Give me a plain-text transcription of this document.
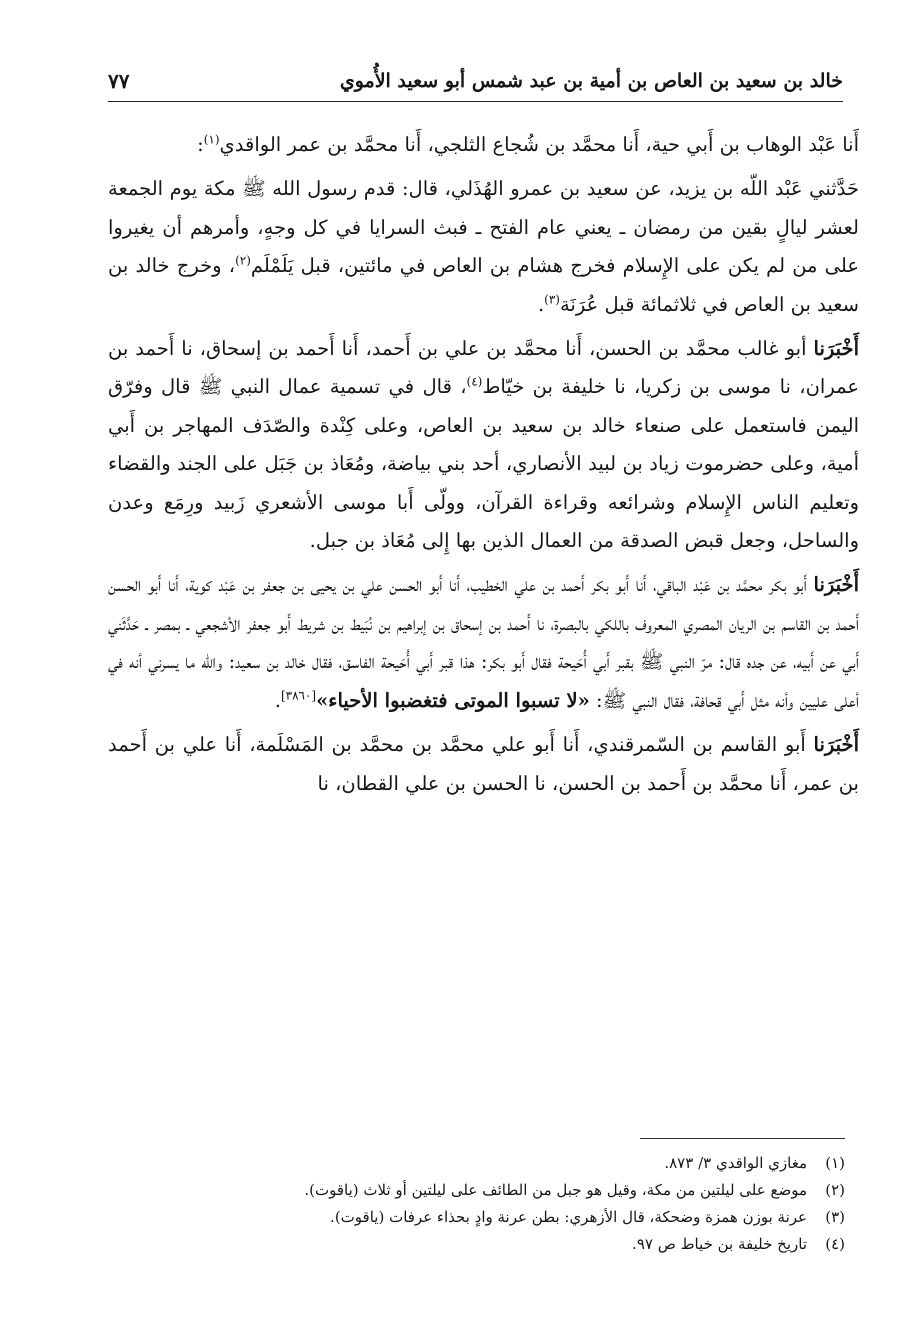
خالد بن سعيد بن العاص بن أمية بن عبد شمس أبو سعيد الأُموي
٧٧

أَنا عَبْد الوهاب بن أَبي حية، أَنا محمَّد بن شُجاع الثلجي، أَنا محمَّد بن عمر الواقدي$^{(١)}$:

حَدَّثني عَبْد اللّه بن يزيد، عن سعيد بن عمرو الهُذَلي، قال: قدم رسول الله ﷺ مكة يوم الجمعة لعشر ليالٍ بقين من رمضان ـ يعني عام الفتح ـ فبث السرايا في كل وجهٍ، وأمرهم أن يغيروا على من لم يكن على الإِسلام فخرج هشام بن العاص في مائتين، قبل يَلَمْلَم$^{(٢)}$، وخرج خالد بن سعيد بن العاص في ثلاثمائة قبل عُرَنَة$^{(٣)}$.

أَخْبَرَنا أبو غالب محمَّد بن الحسن، أَنا محمَّد بن علي بن أَحمد، أَنا أَحمد بن إسحاق، نا أَحمد بن عمران، نا موسى بن زكريا، نا خليفة بن خيّاط$^{(٤)}$، قال في تسمية عمال النبي ﷺ قال وفرّق اليمن فاستعمل على صنعاء خالد بن سعيد بن العاص، وعلى كِنْدة والصّدَف المهاجر بن أَبي أمية، وعلى حضرموت زياد بن لبيد الأنصاري، أحد بني بياضة، ومُعَاذ بن جَبَل على الجند والقضاء وتعليم الناس الإِسلام وشرائعه وقراءة القرآن، وولّى أَبا موسى الأشعري زَبيد ورِمَع وعدن والساحل، وجعل قبض الصدقة من العمال الذين بها إِلى مُعَاذ بن جبل.

أَخْبَرَنا أَبو بكر محمَّد بن عَبْد الباقي، أَنا أَبو بكر أَحمد بن علي الخطيب، أَنا أَبو الحسن علي بن يحيى بن جعفر بن عَبْد كوية، أَنا أَبو الحسن أَحمد بن القاسم بن الريان المصري المعروف باللكي بالبصرة، نا أَحمد بن إسحاق بن إبراهيم بن نُبَيط بن شريط أَبو جعفر الأشجعي ـ بمصر ـ حَدَّثَني أَبي عن أَبيه، عن جده قال: مرّ النبي ﷺ بقبر أَبي أُحَيحة فقال أَبو بكر: هذا قبر أَبي أُحَيحة الفاسق، فقال خالد بن سعيد: والله ما يسرني أنه في أعلى عليين وأنه مثل أَبي قحافة، فقال النبي ﷺ: «لا تسبوا الموتى فتغضبوا الأحياء»[٣٨٦٠].

أَخْبَرَنا أَبو القاسم بن السّمرقندي، أَنا أَبو علي محمَّد بن محمَّد بن المَسْلَمة، أَنا علي بن أَحمد بن عمر، أَنا محمَّد بن أَحمد بن الحسن، نا الحسن بن علي القطان، نا

(١)مغازي الواقدي ٣/ ٨٧٣.
(٢)موضع على ليلتين من مكة، وقيل هو جبل من الطائف على ليلتين أو ثلاث (ياقوت).
(٣)عرنة بوزن همزة وضحكة، قال الأزهري: بطن عرنة وادٍ بحذاء عرفات (ياقوت).
(٤)تاريخ خليفة بن خياط ص ٩٧.
